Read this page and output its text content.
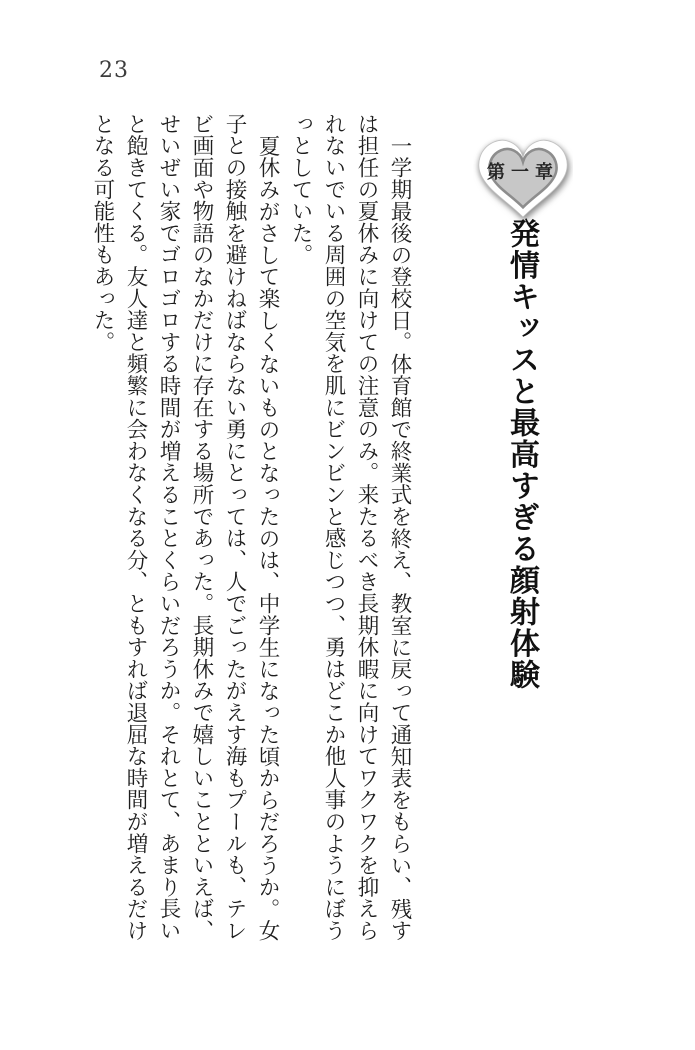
23
第一章
発情キッスと最高すぎる顔射体験

一学期最後の登校日。体育館で終業式を終え、教室に戻って通知表をもらい、残すは担任の夏休みに向けての注意のみ。来たるべき長期休暇に向けてワクワクを抑えられないでいる周囲の空気を肌にビンビンと感じつつ、勇はどこか他人事のようにぼうっとしていた。

夏休みがさして楽しくないものとなったのは、中学生になった頃からだろうか。女子との接触を避けねばならない勇にとっては、人でごったがえす海もプールも、テレビ画面や物語のなかだけに存在する場所であった。長期休みで嬉しいことといえば、せいぜい家でゴロゴロする時間が増えることくらいだろうか。それとて、あまり長いと飽きてくる。友人達と頻繁に会わなくなる分、ともすれば退屈な時間が増えるだけとなる可能性もあった。
